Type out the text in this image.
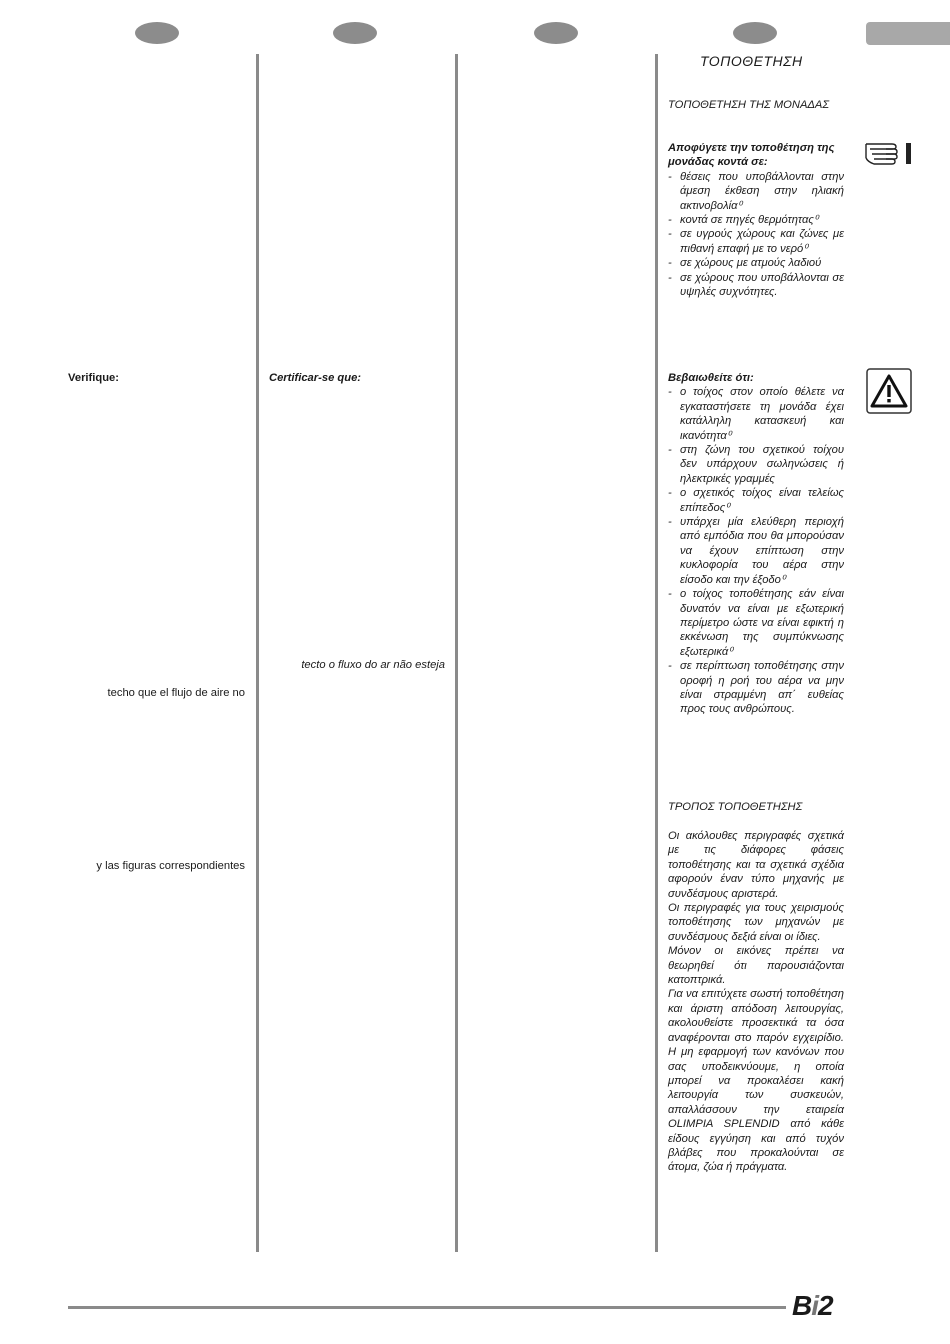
ΤΟΠΟΘΕΤΗΣΗ
Verifique:
techo que el flujo de aire no
y las figuras correspondientes
Certificar-se que:
tecto o fluxo do ar não esteja
ΤΟΠΟΘΕΤΗΣΗ ΤΗΣ ΜΟΝΑΔΑΣ
Αποφύγετε την τοποθέτηση της μονάδας κοντά σε:
- θέσεις που υποβάλλονται στην άμεση έκθεση στην ηλιακή ακτινοβολία⁰
- κοντά σε πηγές θερμότητας⁰
- σε υγρούς χώρους και ζώνες με πιθανή επαφή με το νερό⁰
- σε χώρους με ατμούς λαδιού
- σε χώρους που υποβάλλονται σε υψηλές συχνότητες.
Βεβαιωθείτε ότι:
- ο τοίχος στον οποίο θέλετε να εγκαταστήσετε τη μονάδα έχει κατάλληλη κατασκευή και ικανότητα⁰
- στη ζώνη του σχετικού τοίχου δεν υπάρχουν σωληνώσεις ή ηλεκτρικές γραμμές
- ο σχετικός τοίχος είναι τελείως επίπεδος⁰
- υπάρχει μία ελεύθερη περιοχή από εμπόδια που θα μπορούσαν να έχουν επίπτωση στην κυκλοφορία του αέρα στην είσοδο και την έξοδο⁰
- ο τοίχος τοποθέτησης εάν είναι δυνατόν να είναι με εξωτερική περίμετρο ώστε να είναι εφικτή η εκκένωση της συμπύκνωσης εξωτερικά⁰
- σε περίπτωση τοποθέτησης στην οροφή η ροή του αέρα να μην είναι στραμμένη απ΄ ευθείας προς τους ανθρώπους.
ΤΡΟΠΟΣ ΤΟΠΟΘΕΤΗΣΗΣ
Οι ακόλουθες περιγραφές σχετικά με τις διάφορες φάσεις τοποθέτησης και τα σχετικά σχέδια αφορούν έναν τύπο μηχανής με συνδέσμους αριστερά.
Οι περιγραφές για τους χειρισμούς τοποθέτησης των μηχανών με συνδέσμους δεξιά είναι οι ίδιες.
Μόνον οι εικόνες πρέπει να θεωρηθεί ότι παρουσιάζονται κατοπτρικά.
Για να επιτύχετε σωστή τοποθέτηση και άριστη απόδοση λειτουργίας, ακολουθείστε προσεκτικά τα όσα αναφέρονται στο παρόν εγχειρίδιο. Η μη εφαρμογή των κανόνων που σας υποδεικνύουμε, η οποία μπορεί να προκαλέσει κακή λειτουργία των συσκευών, απαλλάσσουν την εταιρεία OLIMPIA SPLENDID από κάθε είδους εγγύηση και από τυχόν βλάβες που προκαλούνται σε άτομα, ζώα ή πράγματα.
Bi2
